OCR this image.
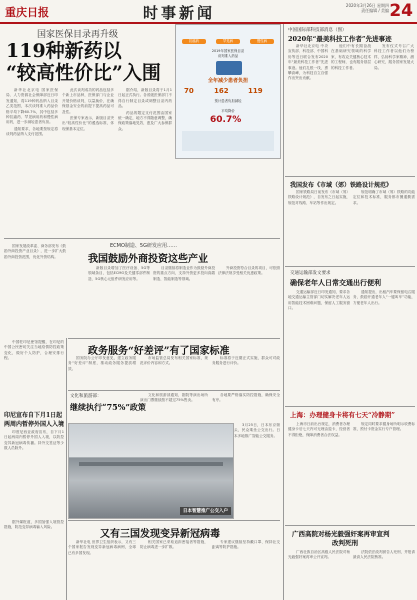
重庆日报	时事新闻	2020年3月26日 星期四
责任编辑 / 美编 24
国家医保目录再升级
119种新药以
“较高性价比”入围

新华社北京电 国家医保局、人力资源社会保障部近日印发通知，将119种药品纳入目录乙类范围，本次谈判准入药品价格平均下降60.7%，其中包括多种抗癌药、罕见病用药和慢性病用药，进一步减轻患者负担。

通知要求，各地要按规定将谈判药品纳入支付范围。

此次谈判成功的药品包括多个新上市品种，医保部门与企业开展价格谈判，以量换价，在确保基金安全的前提下提高药品可及性。

医保专家表示，新版目录突出“较高性价比”的遴选标准，体现保基本定位。

据介绍，新版目录将于1月1日起正式执行。各省级医保部门不得自行制定目录或调整目录内药品。

药品的限定支付范围由国家统一确定，地方不得随意调整，确保政策落地见效，惠及广大参保群众。

抗癌药	罕见病	慢性病
2019年国家医保目录
谈判准入药品
全年减少患者负担
70	162	119
预计患者负担减轻
平均降价
60.7%
中国国际部科技部消息（图）
2020年“最美科技工作者”先进事迹

新华社北京电 中央宣传部、科技部、中国科协等近日联合发布2020年“最美科技工作者”先进事迹。他们扎根一线，勇攀高峰，为科技自立自强作出突出贡献。

他们中有长期奋战在基础研究领域的科学家，有攻克关键核心技术的工程师，也有服务基层的科技工作者。

发布仪式号召广大科技工作者以他们为榜样，弘扬科学家精神，潜心研究，服务国家发展大局。

我国发布《市域（郊）铁路设计规范》

国家铁路局日前发布《市域（郊）铁路设计规范》，自发布之日起实施，规范对线路、车站等作出规定。

规范明确了市域（郊）铁路的功能定位和技术标准，服务都市圈通勤需求。

交通运输部发文要求
确保老年人日常交通出行便利

交通运输部近日印发通知，要求各地交通运输主管部门切实解决老年人运用智能技术困难问题，保留人工服务窗口。

通知提出，出租汽车要保留电召服务，鼓励开通老年人“一键叫车”功能，方便老年人出行。

上海：办理健身卡将有七天“冷静期”

上海市日前出台规定，消费者办理健身卡后七天内可无理由退卡，经营者不得拒绝，保障消费者合法权益。

规定同时要求健身场所明示收费标准，预付卡资金实行专户管理。

广西高院对杨光毅强奸案再审宣判
改判死刑

广西壮族自治区高级人民法院对杨光毅强奸案再审公开宣判。

法院依法改判被告人死刑，并报请最高人民法院核准。

ECMO制造、5G研发应用……
我国鼓励外商投资这些产业

国家发展改革委、商务部发布《鼓励外商投资产业目录》，进一步扩大鼓励外商投资范围，优化外资结构。

新版目录增加了医疗设备、5G等领域条目，包括ECMO及关键零部件制造、5G核心元组件研发应用等。

目录继续将制造业作为鼓励外商投资的重点方向，支持外资更多投向高端制造、智能制造等领域。

外商投资符合目录的项目，可依照法律法规享受相关优惠政策。

政务服务“好差评”有了国家标准

国务院办公厅印发意见，建立政务服务“好差评”制度，推动政务服务提质增效。

市场监管总局发布相关国家标准，规范评价内容和方式。

标准将于近期正式实施，群众可对政务服务进行评价。

中国驻印尼使馆提醒，在印尼的中国公民密切关注当地疫情防控政策变化，做好个人防护，合理安排行程。

印尼宣布自下月1日起
两周内暂停外国人入境

印度尼西亚政府宣布，自下月1日起两周内暂停外国人入境，以防控变异新冠病毒传播。持外交签证等少数人员除外。

文化和旅游部：
继续执行“75%”政策

文化和旅游部通知，剧院等演出场所演出门票继续按不超过75%售卖。

各地要严格落实防控措施，确保安全有序。

日本智慧推广公交入户

3月25日，日本东京街头，民众乘坐公交出行。日本多地推广智能公交服务。

又有三国发现变异新冠病毒

据外媒报道，多国加强入境管控措施，防范变异病毒输入风险。

新华社电 世界卫生组织表示，又有三个国家报告发现变异新冠病毒病例，全球已有多国发现。

相关国家已采取追踪密接者等措施，防止病毒进一步扩散。

专家建议继续坚持戴口罩、保持社交距离等防护措施。
